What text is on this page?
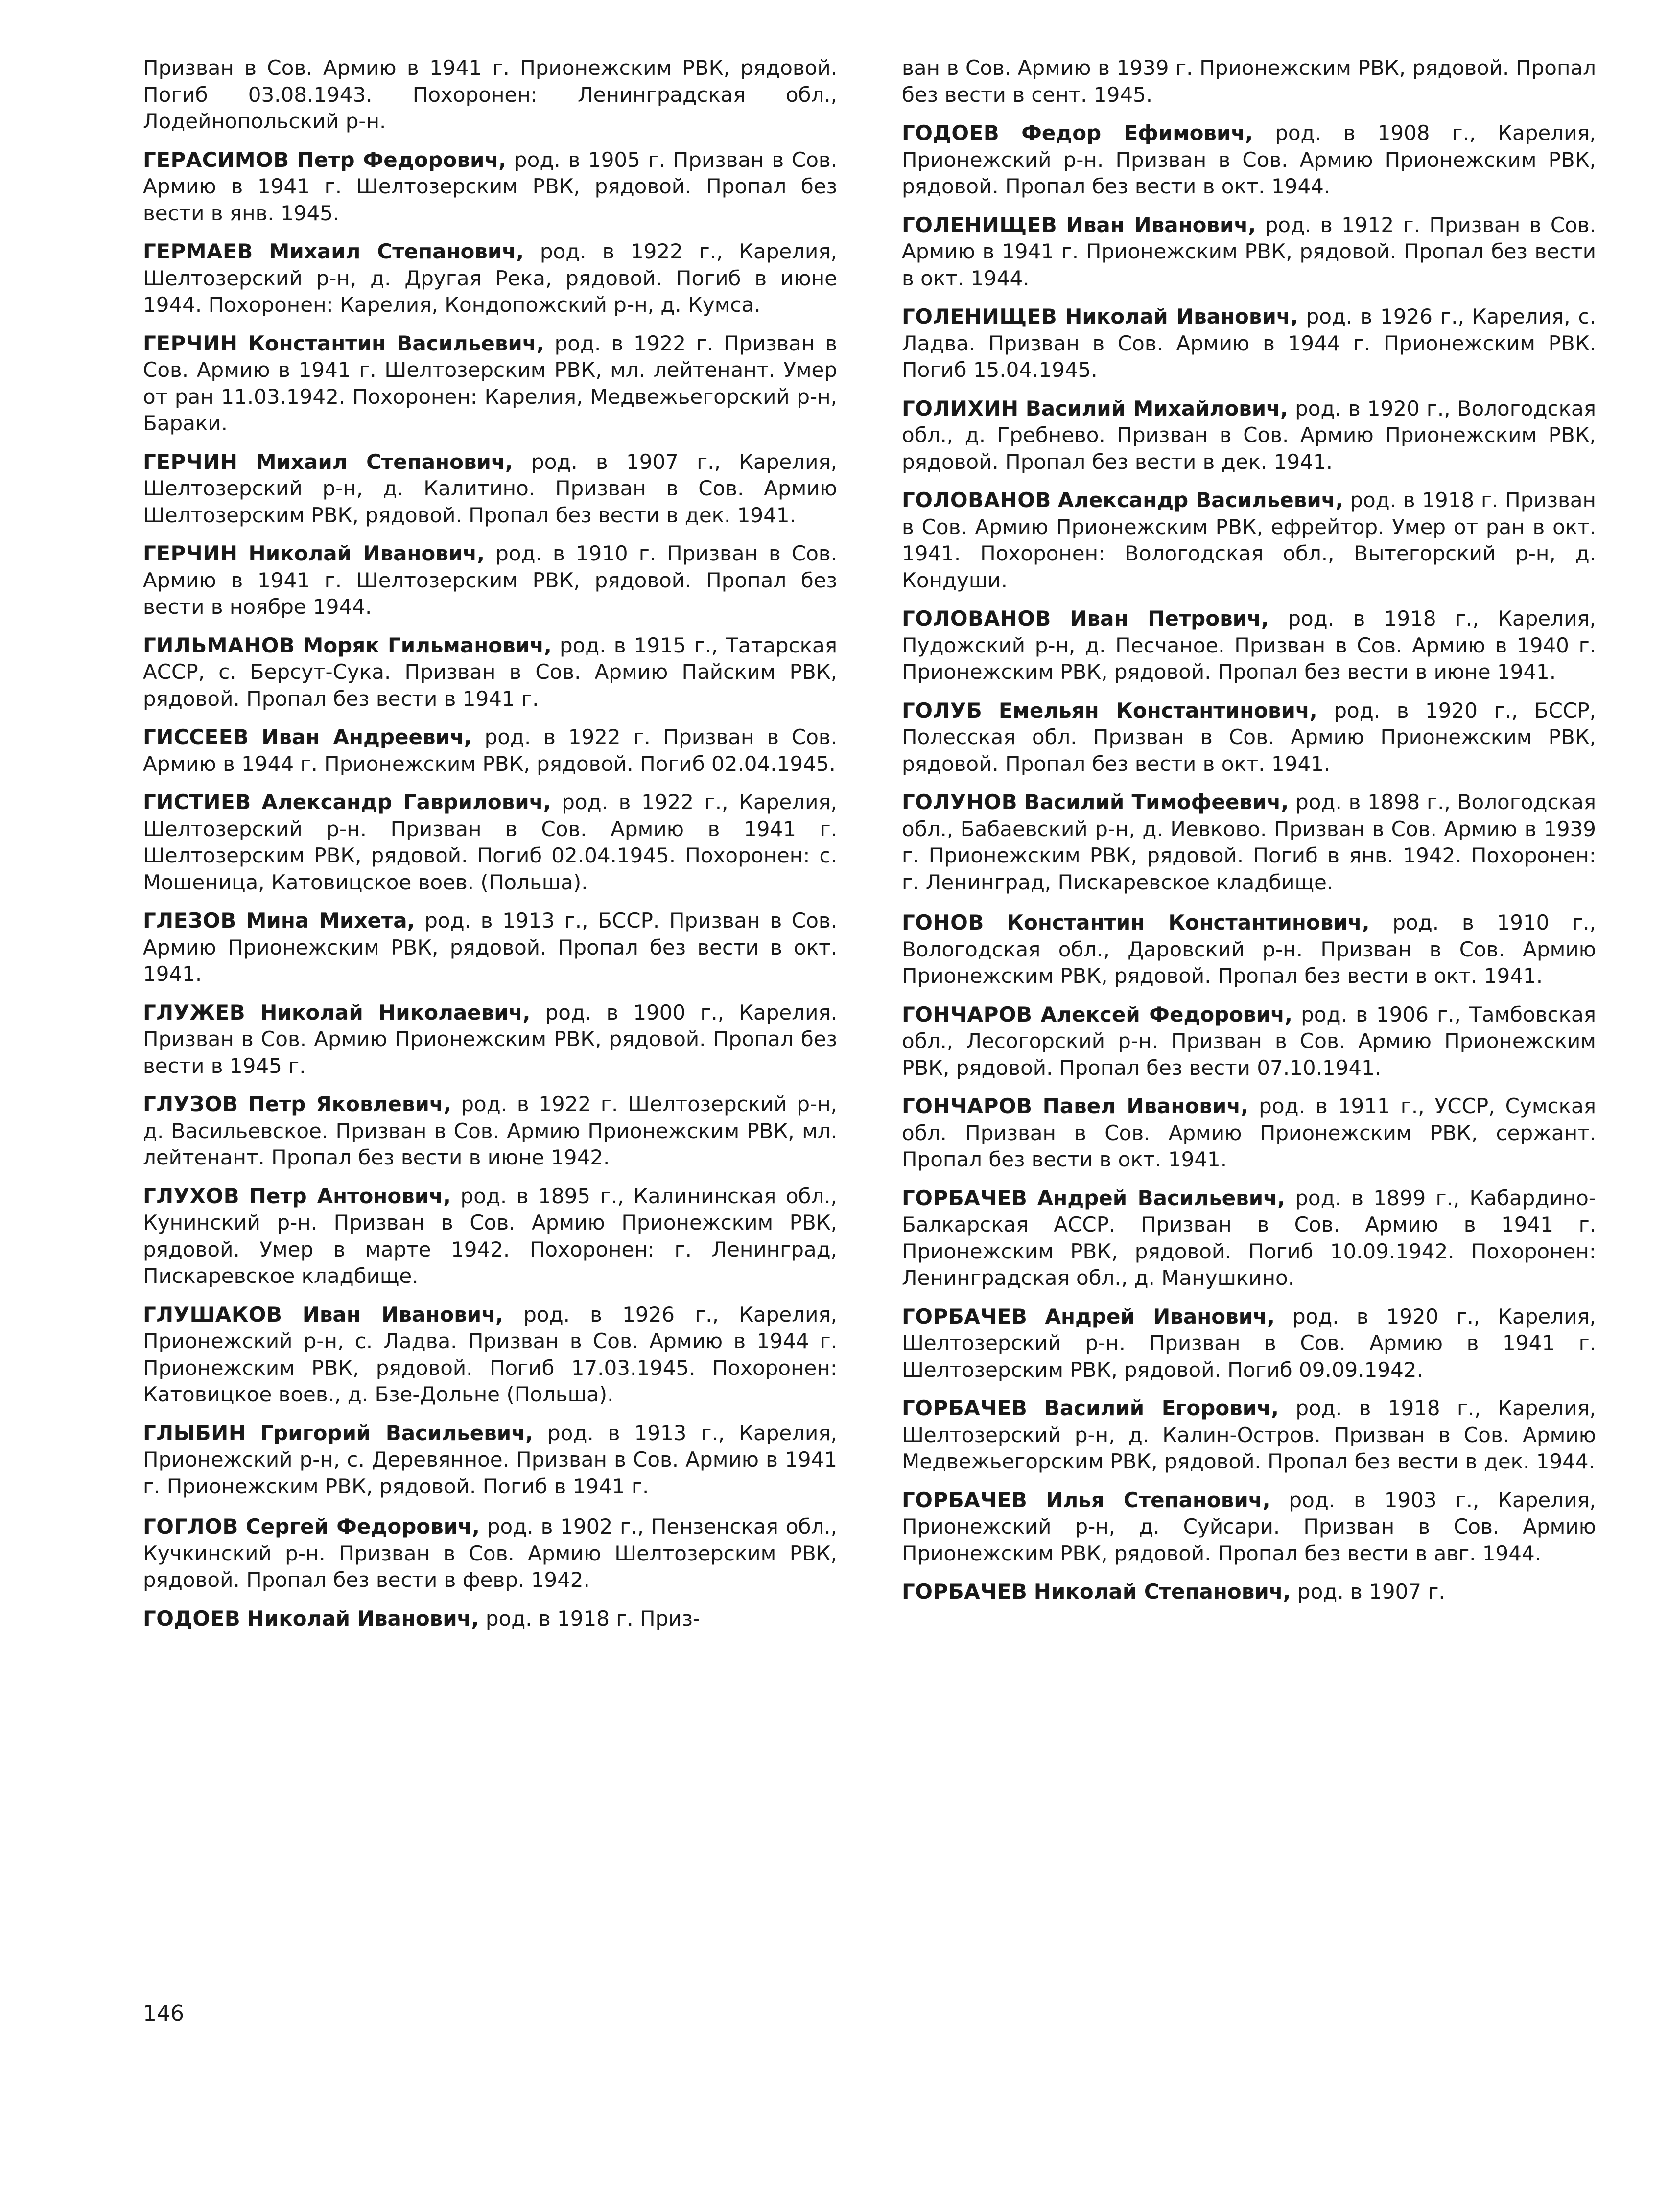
Призван в Сов. Армию в 1941 г. Прионежским РВК, рядовой. Погиб 03.08.1943. Похоронен: Ленинградская обл., Лодейнопольский р-н.

ГЕРАСИМОВ Петр Федорович, род. в 1905 г. Призван в Сов. Армию в 1941 г. Шелтозерским РВК, рядовой. Пропал без вести в янв. 1945.

ГЕРМАЕВ Михаил Степанович, род. в 1922 г., Карелия, Шелтозерский р-н, д. Другая Река, рядовой. Погиб в июне 1944. Похоронен: Карелия, Кондопожский р-н, д. Кумса.

ГЕРЧИН Константин Васильевич, род. в 1922 г. Призван в Сов. Армию в 1941 г. Шелтозерским РВК, мл. лейтенант. Умер от ран 11.03.1942. Похоронен: Карелия, Медвежьегорский р-н, Бараки.

ГЕРЧИН Михаил Степанович, род. в 1907 г., Карелия, Шелтозерский р-н, д. Калитино. Призван в Сов. Армию Шелтозерским РВК, рядовой. Пропал без вести в дек. 1941.

ГЕРЧИН Николай Иванович, род. в 1910 г. Призван в Сов. Армию в 1941 г. Шелтозерским РВК, рядовой. Пропал без вести в ноябре 1944.

ГИЛЬМАНОВ Моряк Гильманович, род. в 1915 г., Татарская АССР, с. Берсут-Сука. Призван в Сов. Армию Пайским РВК, рядовой. Пропал без вести в 1941 г.

ГИССЕЕВ Иван Андреевич, род. в 1922 г. Призван в Сов. Армию в 1944 г. Прионежским РВК, рядовой. Погиб 02.04.1945.

ГИСТИЕВ Александр Гаврилович, род. в 1922 г., Карелия, Шелтозерский р-н. Призван в Сов. Армию в 1941 г. Шелтозерским РВК, рядовой. Погиб 02.04.1945. Похоронен: с. Мошеница, Катовицское воев. (Польша).

ГЛЕЗОВ Мина Михета, род. в 1913 г., БССР. Призван в Сов. Армию Прионежским РВК, рядовой. Пропал без вести в окт. 1941.

ГЛУЖЕВ Николай Николаевич, род. в 1900 г., Карелия. Призван в Сов. Армию Прионежским РВК, рядовой. Пропал без вести в 1945 г.

ГЛУЗОВ Петр Яковлевич, род. в 1922 г. Шелтозерский р-н, д. Васильевское. Призван в Сов. Армию Прионежским РВК, мл. лейтенант. Пропал без вести в июне 1942.

ГЛУХОВ Петр Антонович, род. в 1895 г., Калининская обл., Кунинский р-н. Призван в Сов. Армию Прионежским РВК, рядовой. Умер в марте 1942. Похоронен: г. Ленинград, Пискаревское кладбище.

ГЛУШАКОВ Иван Иванович, род. в 1926 г., Карелия, Прионежский р-н, с. Ладва. Призван в Сов. Армию в 1944 г. Прионежским РВК, рядовой. Погиб 17.03.1945. Похоронен: Катовицкое воев., д. Бзе-Дольне (Польша).

ГЛЫБИН Григорий Васильевич, род. в 1913 г., Карелия, Прионежский р-н, с. Деревянное. Призван в Сов. Армию в 1941 г. Прионежским РВК, рядовой. Погиб в 1941 г.

ГОГЛОВ Сергей Федорович, род. в 1902 г., Пензенская обл., Кучкинский р-н. Призван в Сов. Армию Шелтозерским РВК, рядовой. Пропал без вести в февр. 1942.

ГОДОЕВ Николай Иванович, род. в 1918 г. Приз-

ван в Сов. Армию в 1939 г. Прионежским РВК, рядовой. Пропал без вести в сент. 1945.

ГОДОЕВ Федор Ефимович, род. в 1908 г., Карелия, Прионежский р-н. Призван в Сов. Армию Прионежским РВК, рядовой. Пропал без вести в окт. 1944.

ГОЛЕНИЩЕВ Иван Иванович, род. в 1912 г. Призван в Сов. Армию в 1941 г. Прионежским РВК, рядовой. Пропал без вести в окт. 1944.

ГОЛЕНИЩЕВ Николай Иванович, род. в 1926 г., Карелия, с. Ладва. Призван в Сов. Армию в 1944 г. Прионежским РВК. Погиб 15.04.1945.

ГОЛИХИН Василий Михайлович, род. в 1920 г., Вологодская обл., д. Гребнево. Призван в Сов. Армию Прионежским РВК, рядовой. Пропал без вести в дек. 1941.

ГОЛОВАНОВ Александр Васильевич, род. в 1918 г. Призван в Сов. Армию Прионежским РВК, ефрейтор. Умер от ран в окт. 1941. Похоронен: Вологодская обл., Вытегорский р-н, д. Кондуши.

ГОЛОВАНОВ Иван Петрович, род. в 1918 г., Карелия, Пудожский р-н, д. Песчаное. Призван в Сов. Армию в 1940 г. Прионежским РВК, рядовой. Пропал без вести в июне 1941.

ГОЛУБ Емельян Константинович, род. в 1920 г., БССР, Полесская обл. Призван в Сов. Армию Прионежским РВК, рядовой. Пропал без вести в окт. 1941.

ГОЛУНОВ Василий Тимофеевич, род. в 1898 г., Вологодская обл., Бабаевский р-н, д. Иевково. Призван в Сов. Армию в 1939 г. Прионежским РВК, рядовой. Погиб в янв. 1942. Похоронен: г. Ленинград, Пискаревское кладбище.

ГОНОВ Константин Константинович, род. в 1910 г., Вологодская обл., Даровский р-н. Призван в Сов. Армию Прионежским РВК, рядовой. Пропал без вести в окт. 1941.

ГОНЧАРОВ Алексей Федорович, род. в 1906 г., Тамбовская обл., Лесогорский р-н. Призван в Сов. Армию Прионежским РВК, рядовой. Пропал без вести 07.10.1941.

ГОНЧАРОВ Павел Иванович, род. в 1911 г., УССР, Сумская обл. Призван в Сов. Армию Прионежским РВК, сержант. Пропал без вести в окт. 1941.

ГОРБАЧЕВ Андрей Васильевич, род. в 1899 г., Кабардино-Балкарская АССР. Призван в Сов. Армию в 1941 г. Прионежским РВК, рядовой. Погиб 10.09.1942. Похоронен: Ленинградская обл., д. Манушкино.

ГОРБАЧЕВ Андрей Иванович, род. в 1920 г., Карелия, Шелтозерский р-н. Призван в Сов. Армию в 1941 г. Шелтозерским РВК, рядовой. Погиб 09.09.1942.

ГОРБАЧЕВ Василий Егорович, род. в 1918 г., Карелия, Шелтозерский р-н, д. Калин-Остров. Призван в Сов. Армию Медвежьегорским РВК, рядовой. Пропал без вести в дек. 1944.

ГОРБАЧЕВ Илья Степанович, род. в 1903 г., Карелия, Прионежский р-н, д. Суйсари. Призван в Сов. Армию Прионежским РВК, рядовой. Пропал без вести в авг. 1944.

ГОРБАЧЕВ Николай Степанович, род. в 1907 г.

146
